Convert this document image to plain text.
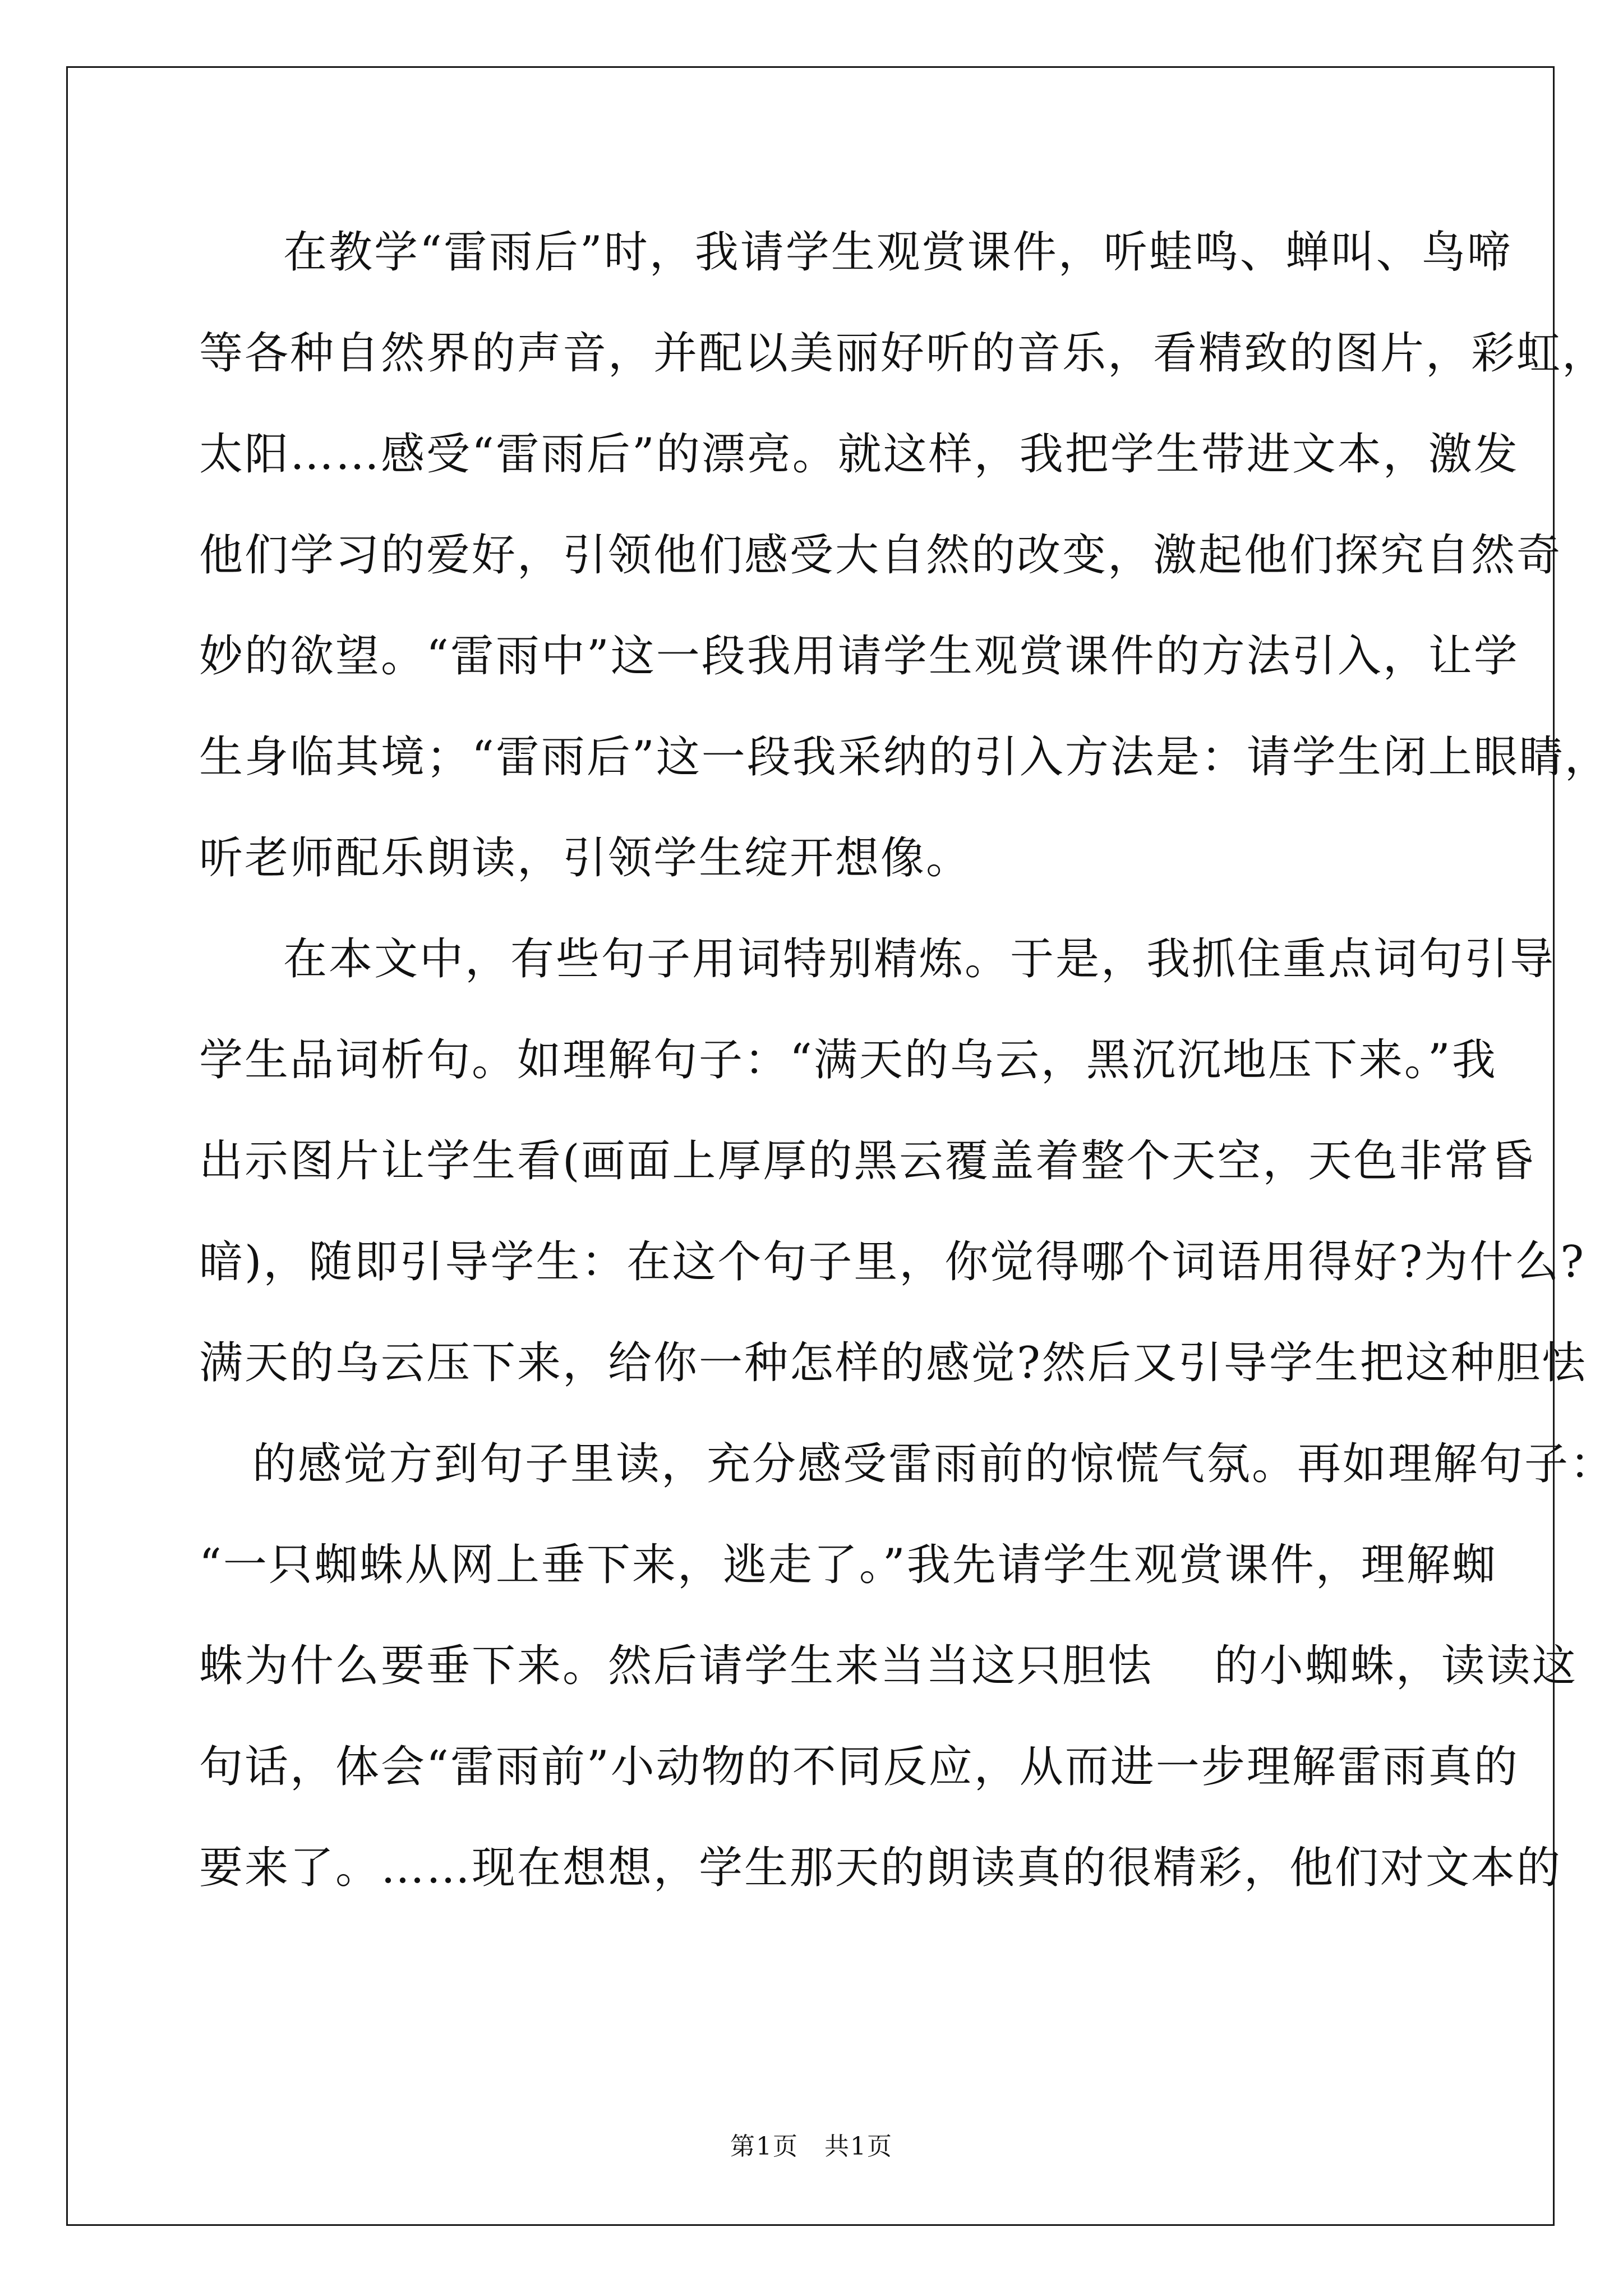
在教学“雷雨后”时，我请学生观赏课件，听蛙鸣、蝉叫、鸟啼
等各种自然界的声音，并配以美丽好听的音乐，看精致的图片，彩虹，
太阳……感受“雷雨后”的漂亮。就这样，我把学生带进文本，激发
他们学习的爱好，引领他们感受大自然的改变，激起他们探究自然奇
妙的欲望。“雷雨中”这一段我用请学生观赏课件的方法引入，让学
生身临其境；“雷雨后”这一段我采纳的引入方法是：请学生闭上眼睛，
听老师配乐朗读，引领学生绽开想像。
在本文中，有些句子用词特别精炼。于是，我抓住重点词句引导
学生品词析句。如理解句子：“满天的乌云，黑沉沉地压下来。”我
出示图片让学生看(画面上厚厚的黑云覆盖着整个天空，天色非常昏
暗)，随即引导学生：在这个句子里，你觉得哪个词语用得好?为什么?
满天的乌云压下来，给你一种怎样的感觉?然后又引导学生把这种胆怯
的感觉方到句子里读，充分感受雷雨前的惊慌气氛。再如理解句子：
“一只蜘蛛从网上垂下来，逃走了。”我先请学生观赏课件，理解蜘
蛛为什么要垂下来。然后请学生来当当这只胆怯　 的小蜘蛛，读读这
句话，体会“雷雨前”小动物的不同反应，从而进一步理解雷雨真的
要来了。……现在想想，学生那天的朗读真的很精彩，他们对文本的
第1页　共1页
